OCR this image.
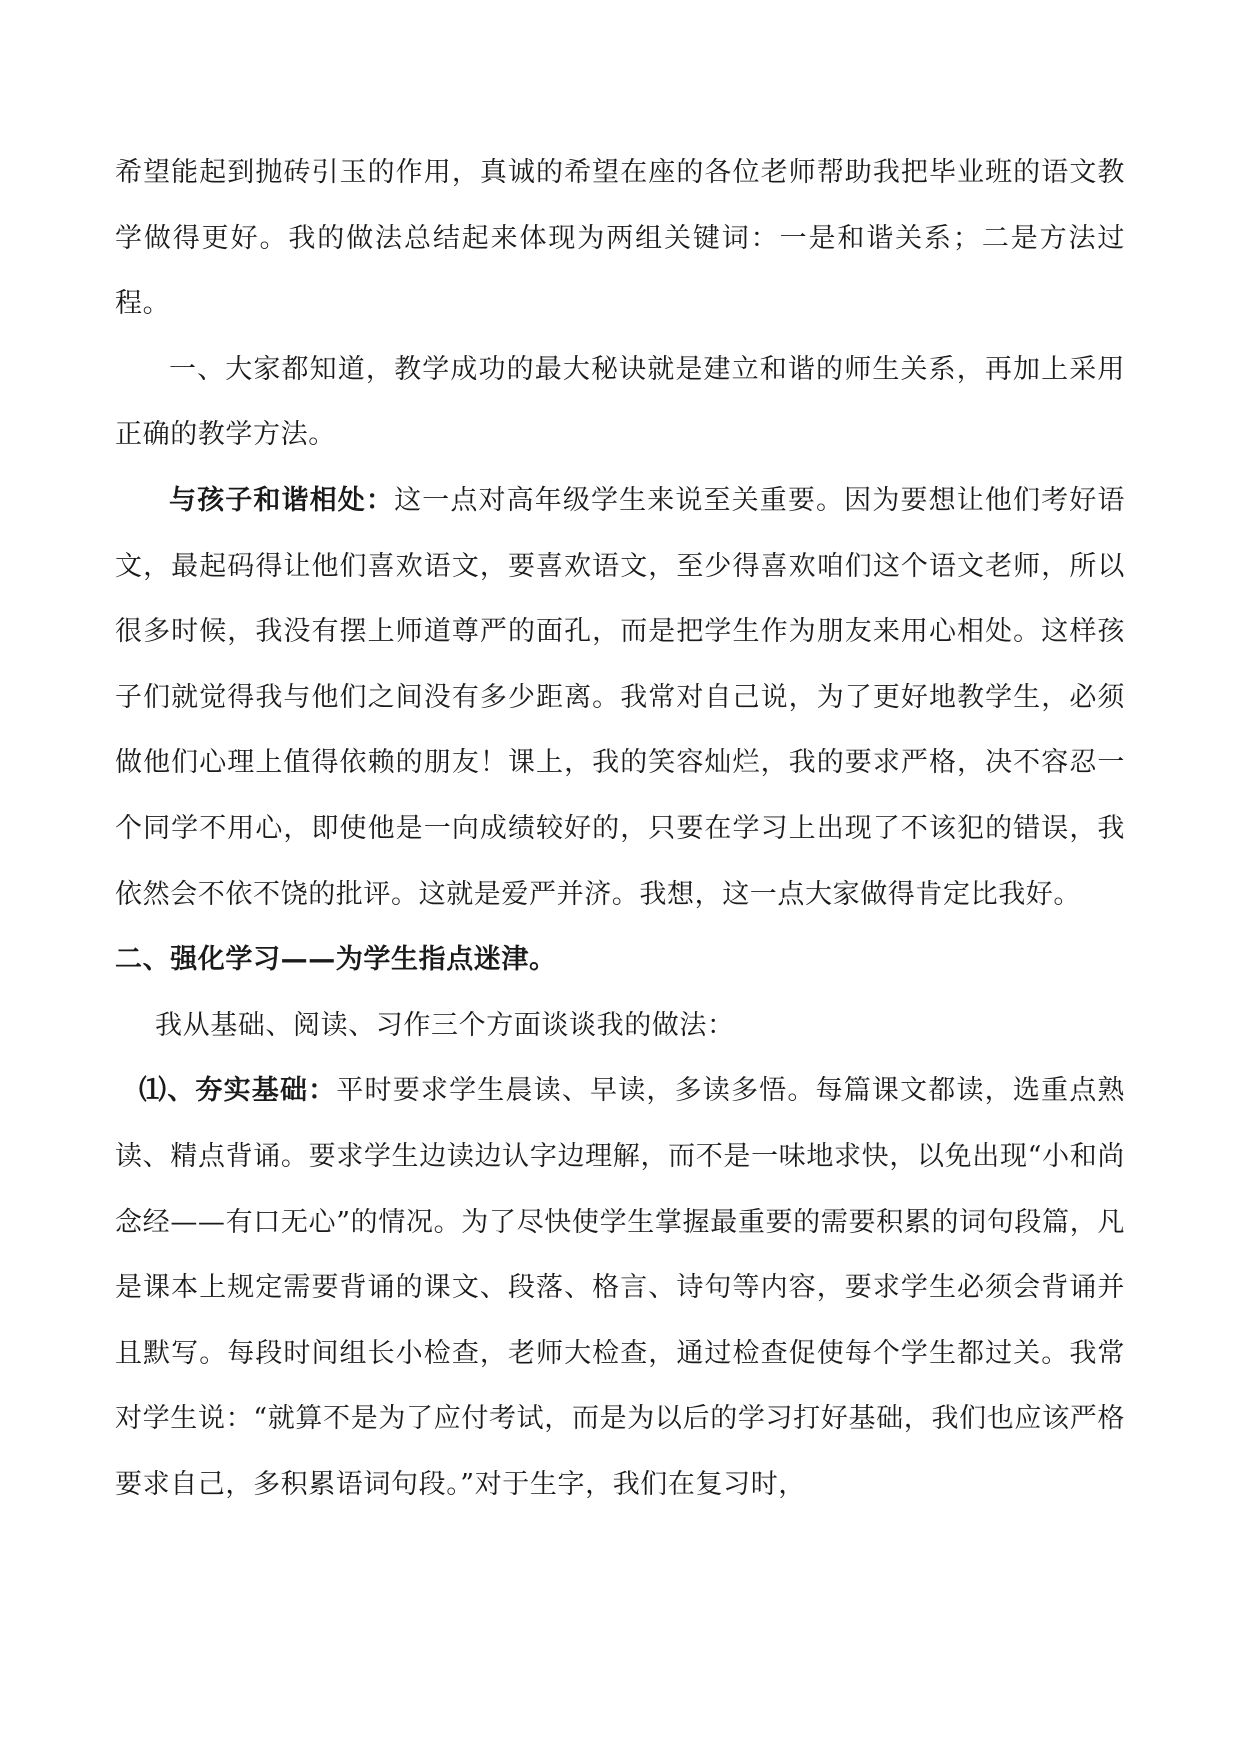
希望能起到抛砖引玉的作用，真诚的希望在座的各位老师帮助我把毕业班的语文教学做得更好。我的做法总结起来体现为两组关键词：一是和谐关系；二是方法过程。

一、大家都知道，教学成功的最大秘诀就是建立和谐的师生关系，再加上采用正确的教学方法。

与孩子和谐相处：这一点对高年级学生来说至关重要。因为要想让他们考好语文，最起码得让他们喜欢语文，要喜欢语文，至少得喜欢咱们这个语文老师，所以很多时候，我没有摆上师道尊严的面孔，而是把学生作为朋友来用心相处。这样孩子们就觉得我与他们之间没有多少距离。我常对自己说，为了更好地教学生，必须做他们心理上值得依赖的朋友！课上，我的笑容灿烂，我的要求严格，决不容忍一个同学不用心，即使他是一向成绩较好的，只要在学习上出现了不该犯的错误，我依然会不依不饶的批评。这就是爱严并济。我想，这一点大家做得肯定比我好。

二、强化学习——为学生指点迷津。

我从基础、阅读、习作三个方面谈谈我的做法：

⑴、夯实基础：平时要求学生晨读、早读，多读多悟。每篇课文都读，选重点熟读、精点背诵。要求学生边读边认字边理解，而不是一味地求快，以免出现“小和尚念经——有口无心”的情况。为了尽快使学生掌握最重要的需要积累的词句段篇，凡是课本上规定需要背诵的课文、段落、格言、诗句等内容，要求学生必须会背诵并且默写。每段时间组长小检查，老师大检查，通过检查促使每个学生都过关。我常对学生说：“就算不是为了应付考试，而是为以后的学习打好基础，我们也应该严格要求自己，多积累语词句段。”对于生字，我们在复习时，
